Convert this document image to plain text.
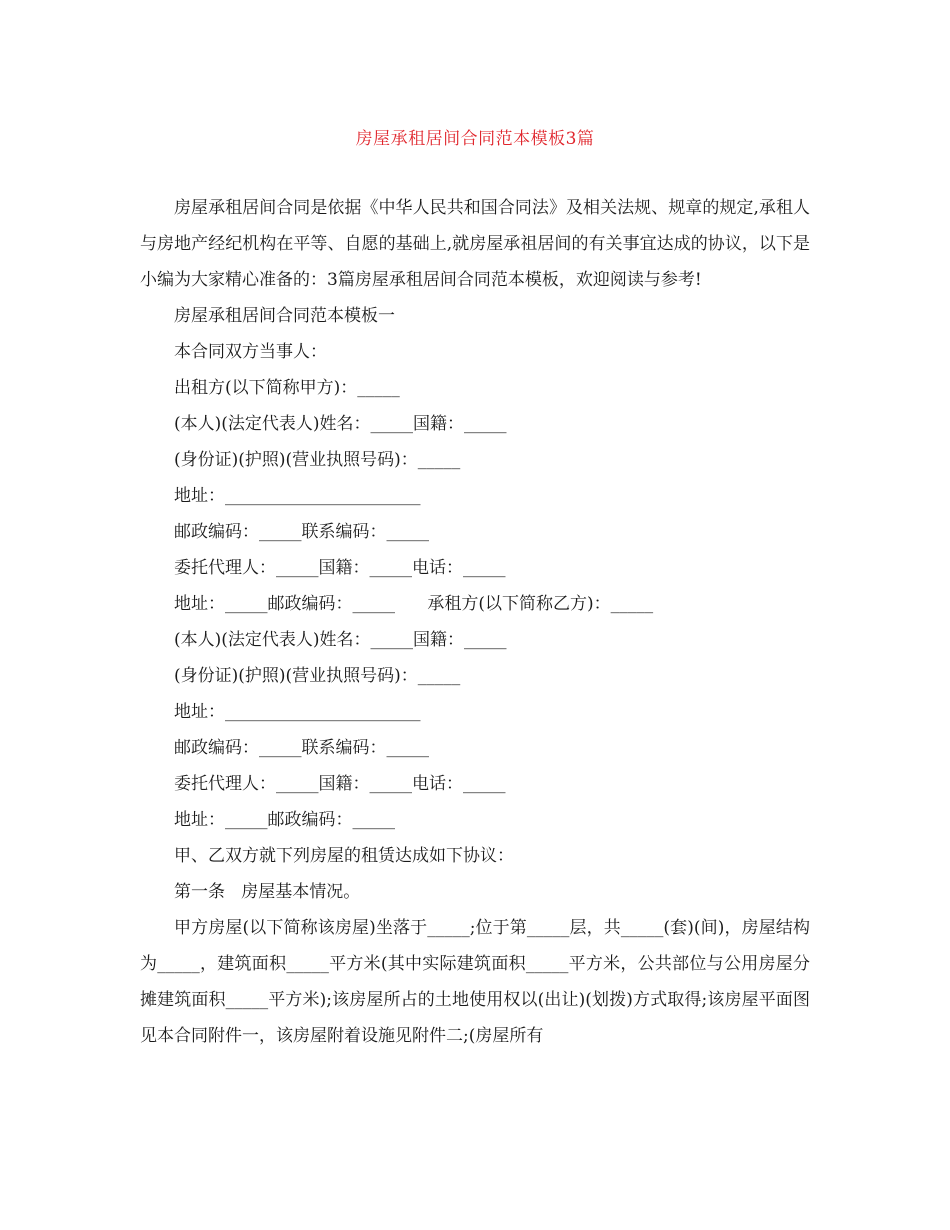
房屋承租居间合同范本模板3篇

房屋承租居间合同是依据《中华人民共和国合同法》及相关法规、规章的规定,承租人与房地产经纪机构在平等、自愿的基础上,就房屋承祖居间的有关事宜达成的协议，以下是小编为大家精心准备的：3篇房屋承租居间合同范本模板，欢迎阅读与参考!

房屋承租居间合同范本模板一

本合同双方当事人：

出租方(以下简称甲方)：_____

(本人)(法定代表人)姓名：_____国籍：_____

(身份证)(护照)(营业执照号码)：_____

地址：_______________________

邮政编码：_____联系编码：_____

委托代理人：_____国籍：_____电话：_____

地址：_____邮政编码：_____      承租方(以下简称乙方)：_____

(本人)(法定代表人)姓名：_____国籍：_____

(身份证)(护照)(营业执照号码)：_____

地址：_______________________

邮政编码：_____联系编码：_____

委托代理人：_____国籍：_____电话：_____

地址：_____邮政编码：_____

甲、乙双方就下列房屋的租赁达成如下协议：

第一条   房屋基本情况。

甲方房屋(以下简称该房屋)坐落于_____;位于第_____层，共_____(套)(间)，房屋结构为_____，建筑面积_____平方米(其中实际建筑面积_____平方米，公共部位与公用房屋分摊建筑面积_____平方米);该房屋所占的土地使用权以(出让)(划拨)方式取得;该房屋平面图见本合同附件一，该房屋附着设施见附件二;(房屋所有
